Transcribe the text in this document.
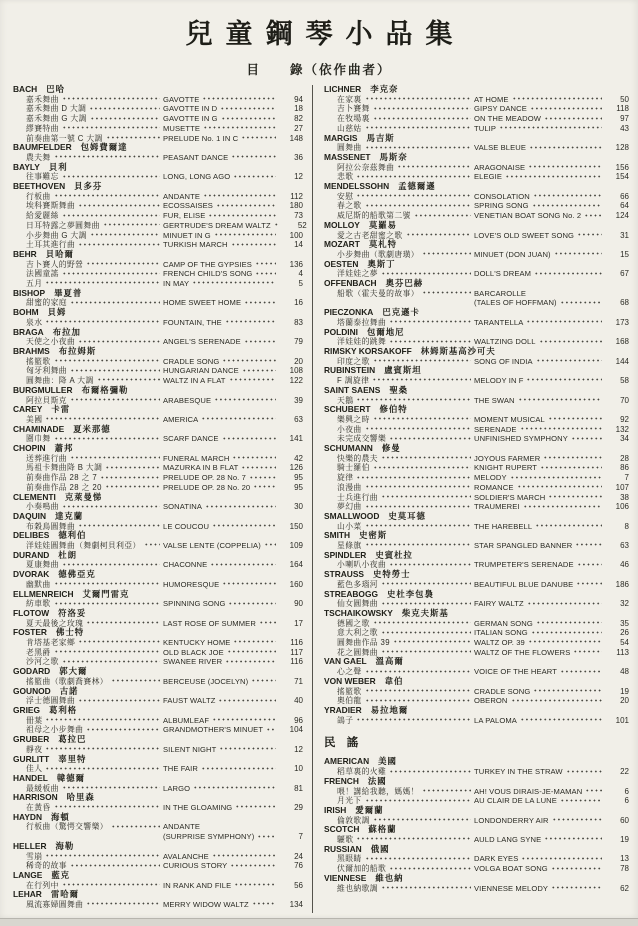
兒童鋼琴小品集
目　　錄（依作曲者）
BACH 巴哈
嘉禾舞曲	GAVOTTE	94
嘉禾舞曲 D 大調	GAVOTTE IN D	18
嘉禾舞曲 G 大調	GAVOTTE IN G	82
繆賽特曲	MUSETTE	27
前奏曲第一號 C 大調	PRELUDE No. 1 IN C	148
BAUMFELDER 包姆費爾達
農夫舞	PEASANT DANCE	36
BAYLY 貝利
往事難忘	LONG, LONG AGO	12
BEETHOVEN 貝多芬
行板曲	ANDANTE	112
埃科賽斯舞曲	ECOSSAISES	180
給愛麗絲	FUR, ELISE	73
日耳特露之夢圓舞曲	GERTRUDE'S DREAM WALTZ	52
小步舞曲 G 大調	MINUET IN G	100
土耳其進行曲	TURKISH MARCH	14
BEHR 貝哈爾
吉卜賽人的野營	CAMP OF THE GYPSIES	136
法國童謠	FRENCH CHILD'S SONG	4
五月	IN MAY	5
BISHOP 畢夏普
甜蜜的家庭	HOME SWEET HOME	16
BOHM 貝姆
泉水	FOUNTAIN, THE	83
BRAGA 布拉加
天使之小夜曲	ANGEL'S SERENADE	79
BRAHMS 布拉姆斯
搖籃歌	CRADLE SONG	20
匈牙利舞曲	HUNGARIAN DANCE	108
圓舞曲：降 A 大調	WALTZ IN A FLAT	122
BURGMULLER 布爾格彌勒
阿拉貝斯克	ARABESQUE	39
CAREY 卡雷
美國	AMERICA	63
CHAMINADE 夏米那德
圍巾舞	SCARF DANCE	141
CHOPIN 蕭邦
送葬進行曲	FUNERAL MARCH	42
馬祖卡舞曲降 B 大調	MAZURKA IN B FLAT	126
前奏曲作品 28 之 7	PRELUDE OP. 28 No. 7	95
前奏曲作品 28 之 20	PRELUDE OP. 28 No. 20	95
CLEMENTI 克萊曼悌
小奏鳴曲	SONATINA	30
DAQUIN 達克蘭
布穀鳥圓舞曲	LE COUCOU	150
DELIBES 德利伯
洋娃娃圓舞曲（舞劇柯貝利亞）	VALSE LENTE (COPPELIA)	109
DURAND 杜朗
夏康舞曲	CHACONNE	164
DVORAK 德佛亞克
幽默曲	HUMORESQUE	160
ELLMENREICH 艾爾門雷克
紡車歌	SPINNING SONG	90
FLOTOW 符洛妥
夏天最後之玫瑰	LAST ROSE OF SUMMER	17
FOSTER 佛士特
肯塔基老家鄉	KENTUCKY HOME	116
老黑爵	OLD BLACK JOE	117
沙河之歌	SWANEE RIVER	116
GODARD 郭大爾
搖籃曲（歌劇喬賽林）	BERCEUSE (JOCELYN)	71
GOUNOD 古諾
浮士德圓舞曲	FAUST WALTZ	40
GRIEG 葛利格
冊葉	ALBUMLEAF	96
祖母之小步舞曲	GRANDMOTHER'S MINUET	104
GRUBER 葛拉巴
靜夜	SILENT NIGHT	12
GURLITT 辜里特
佳人	THE FAIR	10
HANDEL 韓德爾
最緩板曲	LARGO	81
HARRISON 哈里森
在黃昏	IN THE GLOAMING	29
HAYDN 海頓
行板曲（驚愕交響樂）	ANDANTE
(SURPRISE SYMPHONY)	7
HELLER 海勒
雪崩	AVALANCHE	24
稀奇的故事	CURIOUS STORY	76
LANGE 藍克
在行列中	IN RANK AND FILE	56
LEHAR 雷哈爾
風流寡婦圓舞曲	MERRY WIDOW WALTZ	134
LICHNER 李克奈
在家裏	AT HOME	50
吉卜賽舞	GIPSY DANCE	118
在牧場裏	ON THE MEADOW	97
山慈姑	TULIP	43
MARGIS 馬吉斯
圓舞曲	VALSE BLEUE	128
MASSENET 馬斯奈
阿拉公奈茲舞曲	ARAGONAISE	156
悲歌	ELEGIE	154
MENDELSSOHN 孟德爾遜
安慰	CONSOLATION	66
春之歌	SPRING SONG	64
威尼斯的船歌第二號	VENETIAN BOAT SONG No. 2	124
MOLLOY 莫羅易
愛之古老甜蜜之歌	LOVE'S OLD SWEET SONG	31
MOZART 莫札特
小步舞曲（歌劇唐璜）	MINUET (DON JUAN)	15
OESTEN 奧斯丁
洋娃娃之夢	DOLL'S DREAM	67
OFFENBACH 奧芬巴赫
船歌（霍夫曼的故事）	BARCAROLLE
(TALES OF HOFFMAN)	68
PIECZONKA 巴克遜卡
塔蘭泰拉舞曲	TARANTELLA	173
POLDINI 包爾地尼
洋娃娃的跳舞	WALTZING DOLL	168
RIMSKY KORSAKOFF 林姆斯基高沙可夫
印度之歌	SONG OF INDIA	144
RUBINSTEIN 盧賓斯坦
F 調旋律	MELODY IN F	58
SAINT SAENS 聖桑
天鵝	THE SWAN	70
SCHUBERT 修伯特
樂興之時	MOMENT MUSICAL	92
小夜曲	SERENADE	132
未完成交響樂	UNFINISHED SYMPHONY	34
SCHUMANN 修曼
快樂的農夫	JOYOUS FARMER	28
騎士羅伯	KNIGHT RUPERT	86
旋律	MELODY	7
浪漫曲	ROMANCE	107
士兵進行曲	SOLDIER'S MARCH	38
夢幻曲	TRAUMEREI	106
SMALLWOOD 史莫耳德
山小菜	THE HAREBELL	8
SMITH 史密斯
星條旗	STAR SPANGLED BANNER	63
SPINDLER 史賓杜拉
小喇叭小夜曲	TRUMPETER'S SERENADE	46
STRAUSS 史特勞士
藍色多瑙河	BEAUTIFUL BLUE DANUBE	186
STREABOGG 史杜李包裊
仙女圓舞曲	FAIRY WALTZ	32
TSCHAIKOWSKY 柴克夫斯基
德國之歌	GERMAN SONG	35
意大利之歌	ITALIAN SONG	26
圓舞曲作品 39	WALTZ OP. 39	54
花之圓舞曲	WALTZ OF THE FLOWERS	113
VAN GAEL 溫高爾
心之聲	VOICE OF THE HEART	48
VON WEBER 韋伯
搖籃歌	CRADLE SONG	19
奧伯龍	OBERON	20
YRADIER 易拉地爾
鴿子	LA PALOMA	101
民 謠
AMERICAN 美國
稻草裏的火雞	TURKEY IN THE STRAW	22
FRENCH 法國
喂！講給我聽，媽媽！	AH! VOUS DIRAIS-JE-MAMAN	6
月光下	AU CLAIR DE LA LUNE	6
IRISH 愛爾蘭
倫敦歌調	LONDONDERRY AIR	60
SCOTCH 蘇格蘭
驪歌	AULD LANG SYNE	19
RUSSIAN 俄國
黑眼睛	DARK EYES	13
伏爾加的船歌	VOLGA BOAT SONG	78
VIENNESE 維也納
維也納歌調	VIENNESE MELODY	62
